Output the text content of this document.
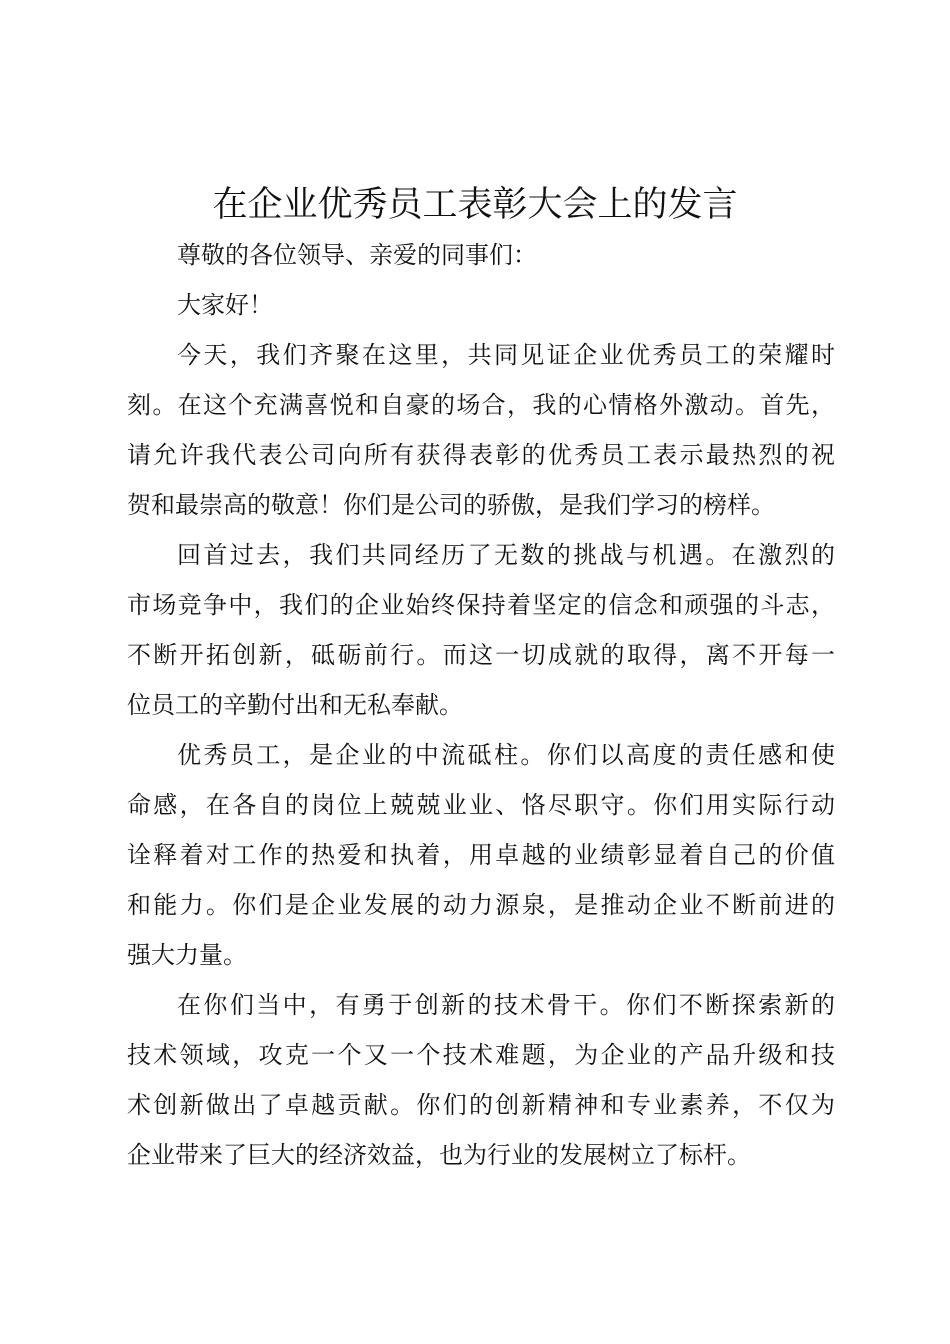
在企业优秀员工表彰大会上的发言

尊敬的各位领导、亲爱的同事们：

大家好！

今天，我们齐聚在这里，共同见证企业优秀员工的荣耀时

刻。在这个充满喜悦和自豪的场合，我的心情格外激动。首先，

请允许我代表公司向所有获得表彰的优秀员工表示最热烈的祝

贺和最崇高的敬意！你们是公司的骄傲，是我们学习的榜样。

回首过去，我们共同经历了无数的挑战与机遇。在激烈的

市场竞争中，我们的企业始终保持着坚定的信念和顽强的斗志，

不断开拓创新，砥砺前行。而这一切成就的取得，离不开每一

位员工的辛勤付出和无私奉献。

优秀员工，是企业的中流砥柱。你们以高度的责任感和使

命感，在各自的岗位上兢兢业业、恪尽职守。你们用实际行动

诠释着对工作的热爱和执着，用卓越的业绩彰显着自己的价值

和能力。你们是企业发展的动力源泉，是推动企业不断前进的

强大力量。

在你们当中，有勇于创新的技术骨干。你们不断探索新的

技术领域，攻克一个又一个技术难题，为企业的产品升级和技

术创新做出了卓越贡献。你们的创新精神和专业素养，不仅为

企业带来了巨大的经济效益，也为行业的发展树立了标杆。
